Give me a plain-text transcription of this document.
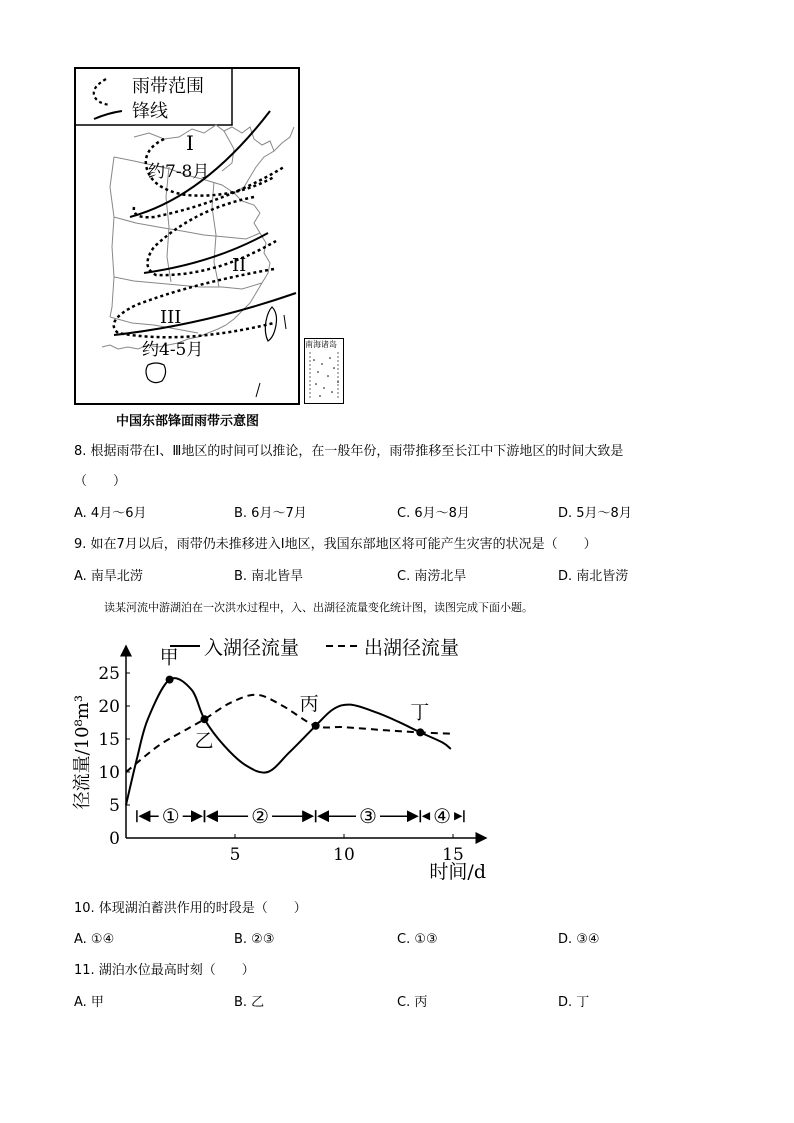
雨带范围
锋线
I
约7-8月
II
III
约4-5月	南海诸岛
中国东部锋面雨带示意图
8. 根据雨带在Ⅰ、Ⅲ地区的时间可以推论，在一般年份，雨带推移至长江中下游地区的时间大致是
（　　）
A. 4月～6月	B. 6月～7月	C. 6月～8月	D. 5月～8月
9. 如在7月以后，雨带仍未推移进入Ⅰ地区，我国东部地区将可能产生灾害的状况是（　　）
A. 南旱北涝	B. 南北皆旱	C. 南涝北旱	D. 南北皆涝
读某河流中游湖泊在一次洪水过程中，入、出湖径流量变化统计图，读图完成下面小题。
0
5
10
15
20
25
5	10	15
时间/d
径流量/10⁸m³
甲
乙
丙	丁
①	②	③	④
入湖径流量	出湖径流量
10. 体现湖泊蓄洪作用的时段是（　　）
A. ①④	B. ②③	C. ①③	D. ③④
11. 湖泊水位最高时刻（　　）
A. 甲	B. 乙	C. 丙	D. 丁
